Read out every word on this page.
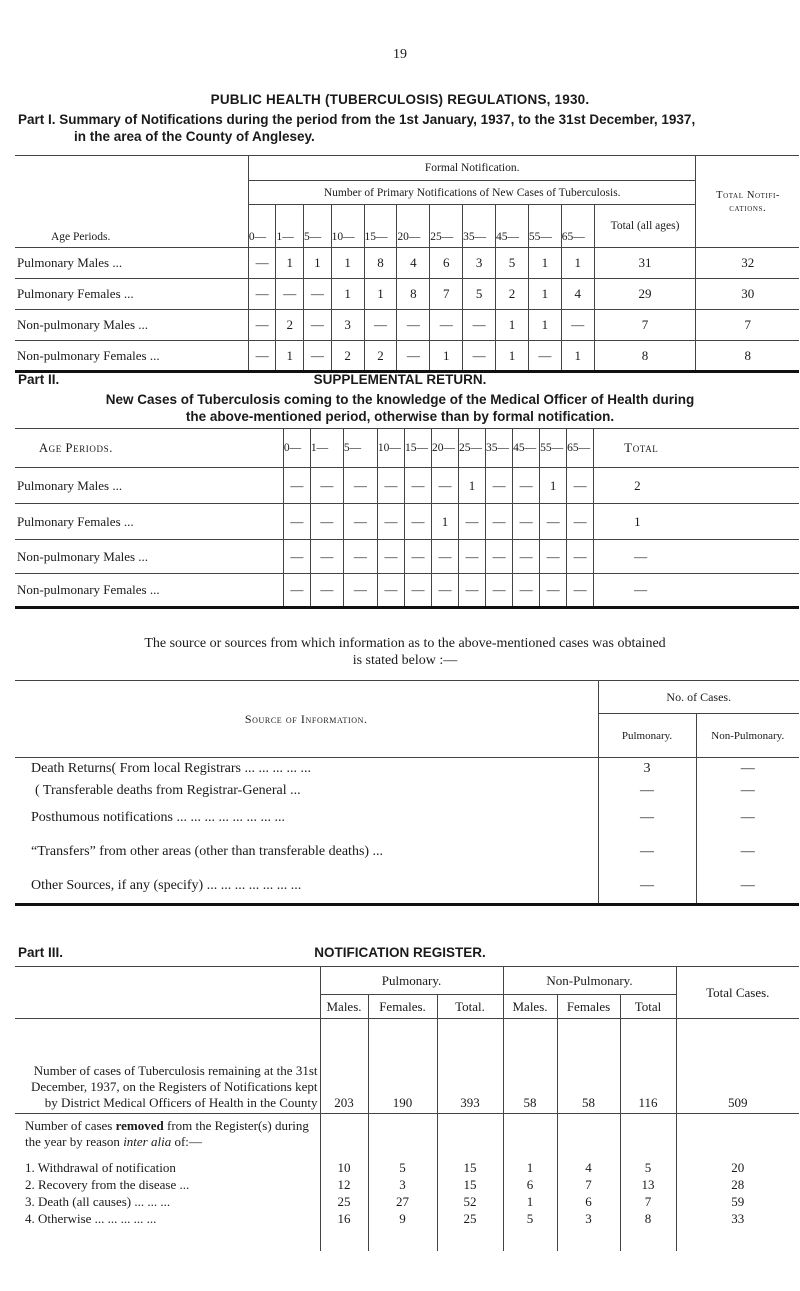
19
PUBLIC HEALTH (TUBERCULOSIS) REGULATIONS, 1930.
Part I. Summary of Notifications during the period from the 1st January, 1937, to the 31st December, 1937,
in the area of the County of Anglesey.
	Formal Notification.												Total Notifications.
	Number of Primary Notifications of New Cases of Tuberculosis.												
Age Periods.	0—	1—	5—	10—	15—	20—	25—	35—	45—	55—	65—	Total (all ages)	
Pulmonary Males ...	—	1	1	1	8	4	6	3	5	1	1	31	32
Pulmonary Females ...	—	—	—	1	1	8	7	5	2	1	4	29	30
Non-pulmonary Males ...	—	2	—	3	—	—	—	—	1	1	—	7	7
Non-pulmonary Females ...	—	1	—	2	2	—	1	—	1	—	1	8	8
Part II.	SUPPLEMENTAL RETURN.
New Cases of Tuberculosis coming to the knowledge of the Medical Officer of Health during
the above-mentioned period, otherwise than by formal notification.
Age Periods.	0—	1—	5—	10—	15—	20—	25—	35—	45—	55—	65—	Total
Pulmonary Males ...	—	—	—	—	—	—	1	—	—	1	—	2
Pulmonary Females ...	—	—	—	—	—	1	—	—	—	—	—	1
Non-pulmonary Males ...	—	—	—	—	—	—	—	—	—	—	—	—
Non-pulmonary Females ...	—	—	—	—	—	—	—	—	—	—	—	—
The source or sources from which information as to the above-mentioned cases was obtained
is stated below :—
Source of Information.	No. of Cases.	
	Pulmonary.	Non-Pulmonary.
Death Returns( From local Registrars ... ... ... ... ...	3	—
( Transferable deaths from Registrar-General ...	—	—
Posthumous notifications ... ... ... ... ... ... ... ...	—	—
“Transfers” from other areas (other than transferable deaths) ...	—	—
Other Sources, if any (specify) ... ... ... ... ... ... ...	—	—
Part III.	NOTIFICATION REGISTER.
	Pulmonary.			Non-Pulmonary.			Total Cases.
	Males.	Females.	Total.	Males.	Females	Total	
Number of cases of Tuberculosis remaining at the 31st December, 1937, on the Registers of Notifications kept by District Medical Officers of Health in the County	203	190	393	58	58	116	509
Number of cases removed from the Register(s) during the year by reason inter alia of:—							
1. Withdrawal of notification	10	5	15	1	4	5	20
2. Recovery from the disease ...	12	3	15	6	7	13	28
3. Death (all causes) ... ... ...	25	27	52	1	6	7	59
4. Otherwise ... ... ... ... ...	16	9	25	5	3	8	33
